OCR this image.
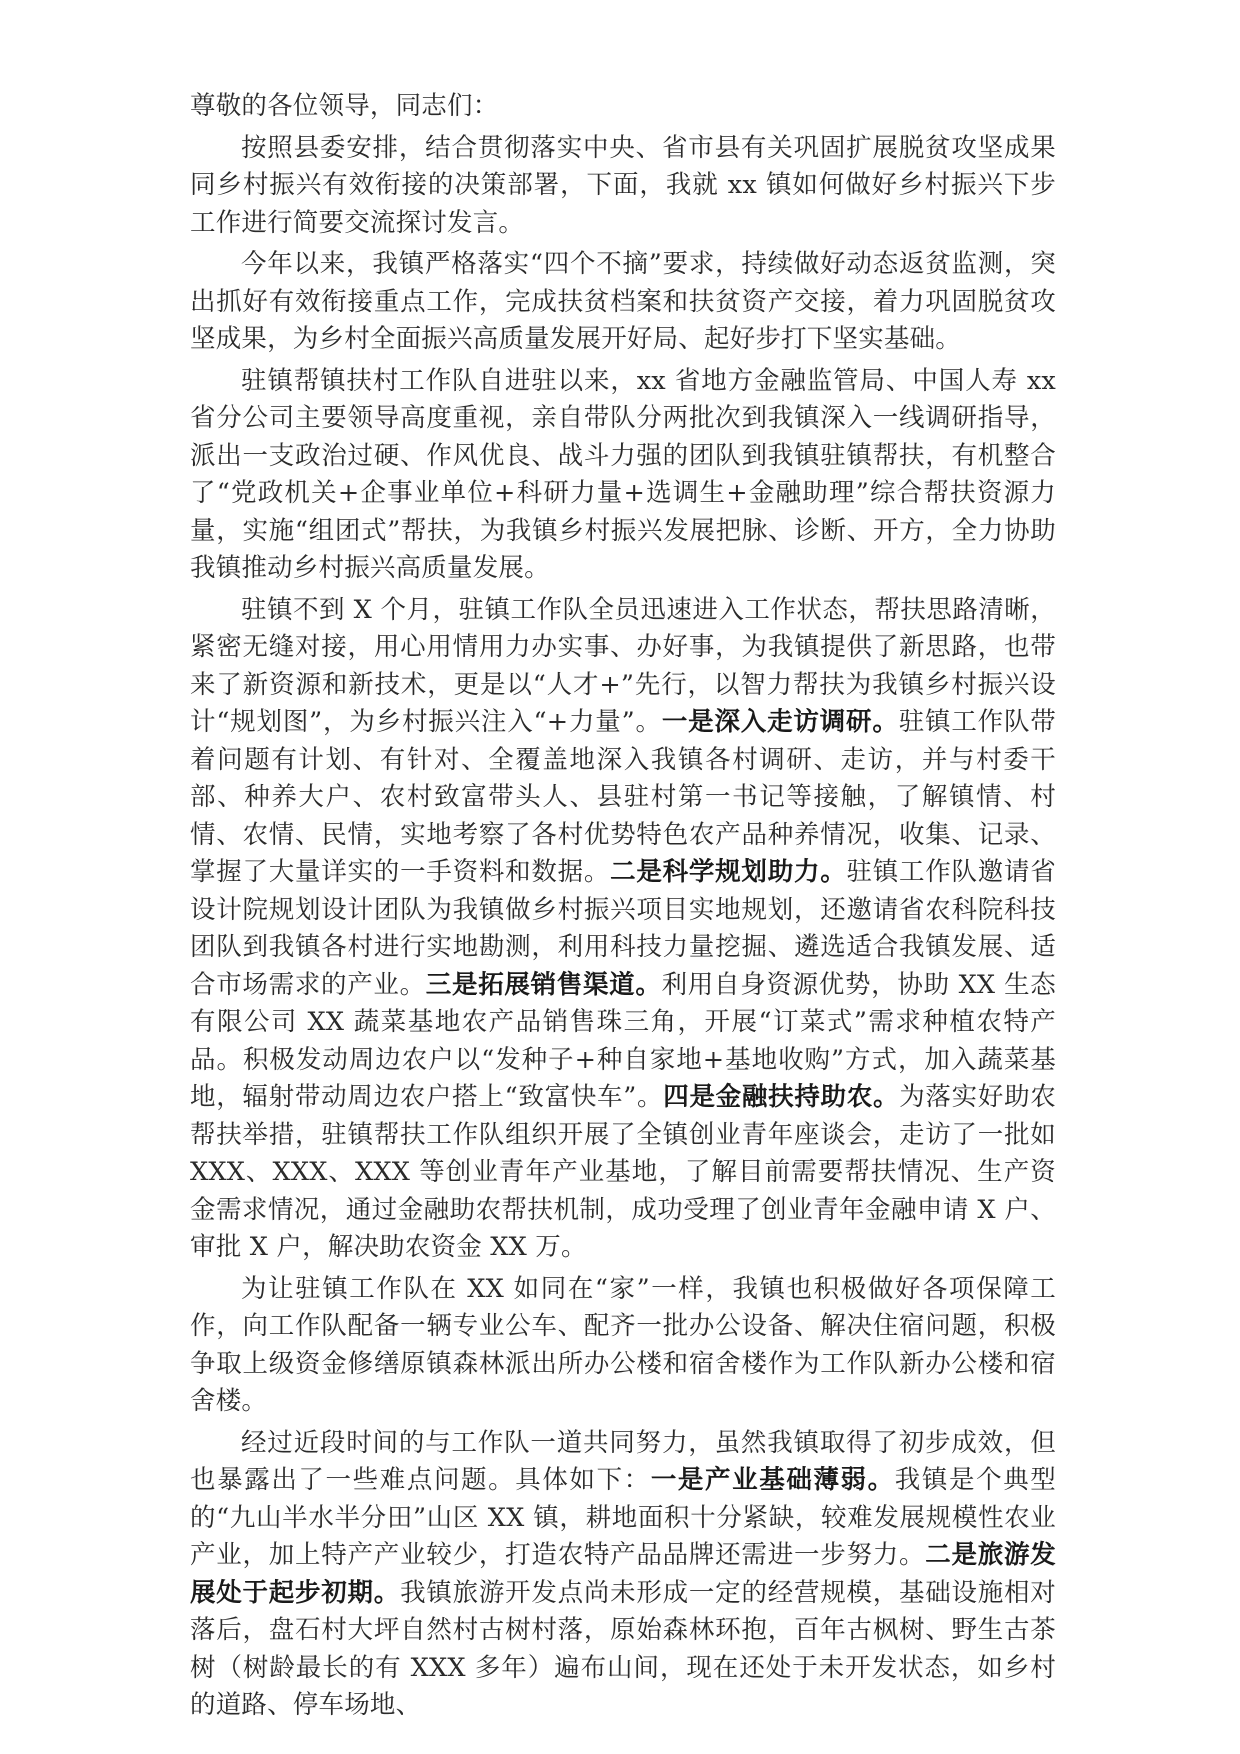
尊敬的各位领导，同志们：

按照县委安排，结合贯彻落实中央、省市县有关巩固扩展脱贫攻坚成果同乡村振兴有效衔接的决策部署，下面，我就 xx 镇如何做好乡村振兴下步工作进行简要交流探讨发言。

今年以来，我镇严格落实“四个不摘”要求，持续做好动态返贫监测，突出抓好有效衔接重点工作，完成扶贫档案和扶贫资产交接，着力巩固脱贫攻坚成果，为乡村全面振兴高质量发展开好局、起好步打下坚实基础。

驻镇帮镇扶村工作队自进驻以来，xx 省地方金融监管局、中国人寿 xx 省分公司主要领导高度重视，亲自带队分两批次到我镇深入一线调研指导，派出一支政治过硬、作风优良、战斗力强的团队到我镇驻镇帮扶，有机整合了“党政机关+企事业单位+科研力量+选调生+金融助理”综合帮扶资源力量，实施“组团式”帮扶，为我镇乡村振兴发展把脉、诊断、开方，全力协助我镇推动乡村振兴高质量发展。

驻镇不到 X 个月，驻镇工作队全员迅速进入工作状态，帮扶思路清晰，紧密无缝对接，用心用情用力办实事、办好事，为我镇提供了新思路，也带来了新资源和新技术，更是以“人才+”先行，以智力帮扶为我镇乡村振兴设计“规划图”，为乡村振兴注入“+力量”。一是深入走访调研。驻镇工作队带着问题有计划、有针对、全覆盖地深入我镇各村调研、走访，并与村委干部、种养大户、农村致富带头人、县驻村第一书记等接触，了解镇情、村情、农情、民情，实地考察了各村优势特色农产品种养情况，收集、记录、掌握了大量详实的一手资料和数据。二是科学规划助力。驻镇工作队邀请省设计院规划设计团队为我镇做乡村振兴项目实地规划，还邀请省农科院科技团队到我镇各村进行实地勘测，利用科技力量挖掘、遴选适合我镇发展、适合市场需求的产业。三是拓展销售渠道。利用自身资源优势，协助 XX 生态有限公司 XX 蔬菜基地农产品销售珠三角，开展“订菜式”需求种植农特产品。积极发动周边农户以“发种子+种自家地+基地收购”方式，加入蔬菜基地，辐射带动周边农户搭上“致富快车”。四是金融扶持助农。为落实好助农帮扶举措，驻镇帮扶工作队组织开展了全镇创业青年座谈会，走访了一批如 XXX、XXX、XXX 等创业青年产业基地，了解目前需要帮扶情况、生产资金需求情况，通过金融助农帮扶机制，成功受理了创业青年金融申请 X 户、审批 X 户，解决助农资金 XX 万。

为让驻镇工作队在 XX 如同在“家”一样，我镇也积极做好各项保障工作，向工作队配备一辆专业公车、配齐一批办公设备、解决住宿问题，积极争取上级资金修缮原镇森林派出所办公楼和宿舍楼作为工作队新办公楼和宿舍楼。

经过近段时间的与工作队一道共同努力，虽然我镇取得了初步成效，但也暴露出了一些难点问题。具体如下：一是产业基础薄弱。我镇是个典型的“九山半水半分田”山区 XX 镇，耕地面积十分紧缺，较难发展规模性农业产业，加上特产产业较少，打造农特产品品牌还需进一步努力。二是旅游发展处于起步初期。我镇旅游开发点尚未形成一定的经营规模，基础设施相对落后，盘石村大坪自然村古树村落，原始森林环抱，百年古枫树、野生古茶树（树龄最长的有 XXX 多年）遍布山间，现在还处于未开发状态，如乡村的道路、停车场地、
